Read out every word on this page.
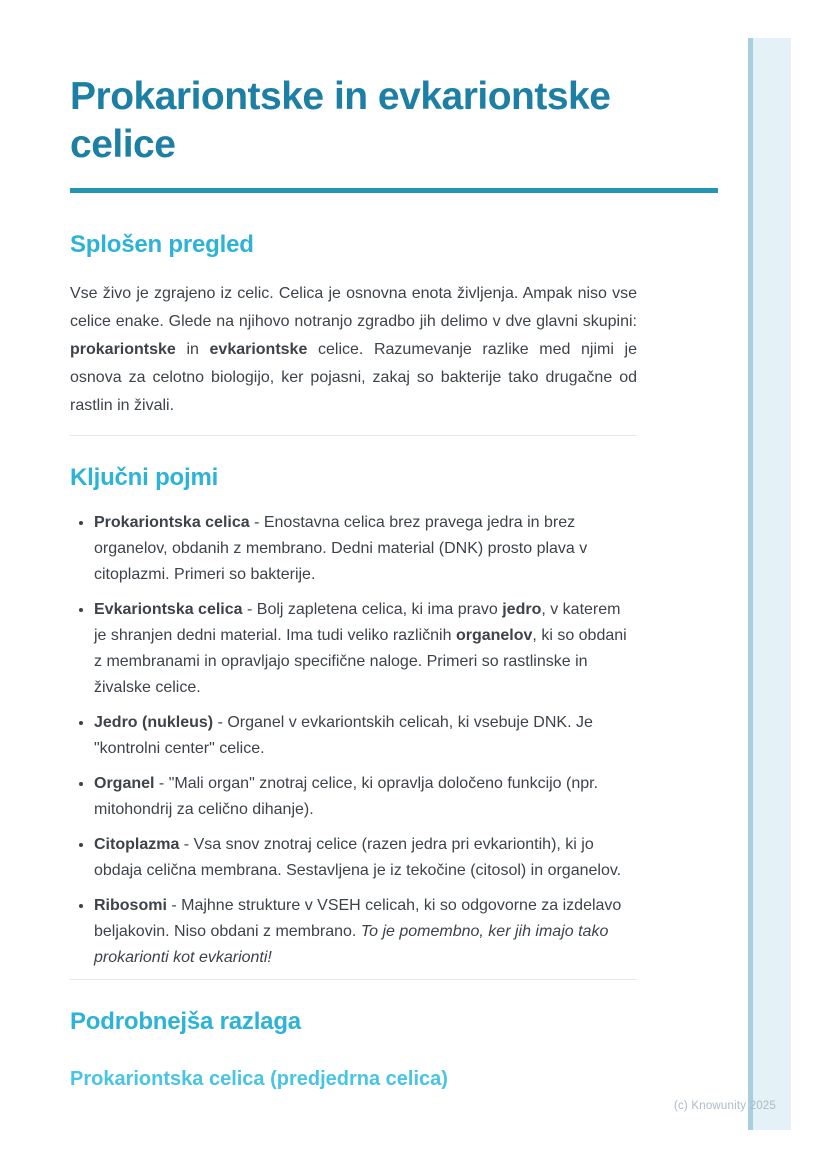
Prokariontske in evkariontske celice
Splošen pregled

Vse živo je zgrajeno iz celic. Celica je osnovna enota življenja. Ampak niso vse celice enake. Glede na njihovo notranjo zgradbo jih delimo v dve glavni skupini: prokariontske in evkariontske celice. Razumevanje razlike med njimi je osnova za celotno biologijo, ker pojasni, zakaj so bakterije tako drugačne od rastlin in živali.

Ključni pojmi
• Prokariontska celica - Enostavna celica brez pravega jedra in brez organelov, obdanih z membrano. Dedni material (DNK) prosto plava v citoplazmi. Primeri so bakterije.
• Evkariontska celica - Bolj zapletena celica, ki ima pravo jedro, v katerem je shranjen dedni material. Ima tudi veliko različnih organelov, ki so obdani z membranami in opravljajo specifične naloge. Primeri so rastlinske in živalske celice.
• Jedro (nukleus) - Organel v evkariontskih celicah, ki vsebuje DNK. Je "kontrolni center" celice.
• Organel - "Mali organ" znotraj celice, ki opravlja določeno funkcijo (npr. mitohondrij za celično dihanje).
• Citoplazma - Vsa snov znotraj celice (razen jedra pri evkariontih), ki jo obdaja celična membrana. Sestavljena je iz tekočine (citosol) in organelov.
• Ribosomi - Majhne strukture v VSEH celicah, ki so odgovorne za izdelavo beljakovin. Niso obdani z membrano. To je pomembno, ker jih imajo tako prokarionti kot evkarionti!
Podrobnejša razlaga
Prokariontska celica (predjedrna celica)
(c) Knowunity 2025
